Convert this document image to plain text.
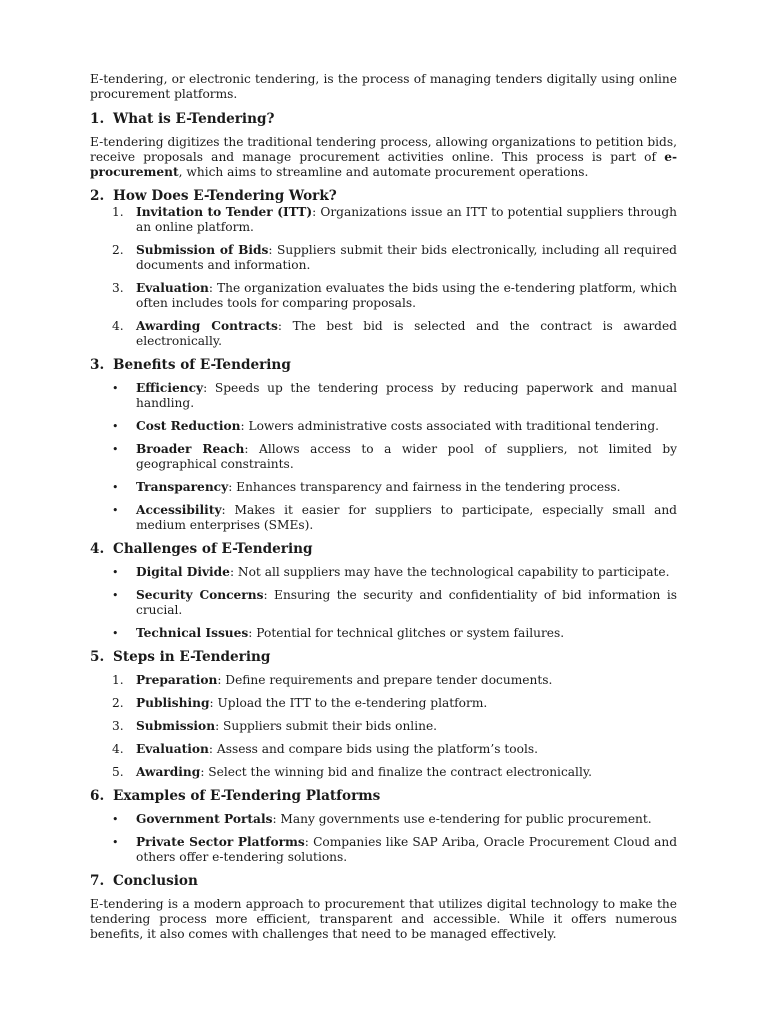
E-tendering, or electronic tendering, is the process of managing tenders digitally using online procurement platforms.

1. What is E-Tendering?

E-tendering digitizes the traditional tendering process, allowing organizations to petition bids, receive proposals and manage procurement activities online. This process is part of e-procurement, which aims to streamline and automate procurement operations.

2. How Does E-Tendering Work?
1. Invitation to Tender (ITT): Organizations issue an ITT to potential suppliers through an online platform.
2. Submission of Bids: Suppliers submit their bids electronically, including all required documents and information.
3. Evaluation: The organization evaluates the bids using the e-tendering platform, which often includes tools for comparing proposals.
4. Awarding Contracts: The best bid is selected and the contract is awarded electronically.
3. Benefits of E-Tendering
• Efficiency: Speeds up the tendering process by reducing paperwork and manual handling.
• Cost Reduction: Lowers administrative costs associated with traditional tendering.
• Broader Reach: Allows access to a wider pool of suppliers, not limited by geographical constraints.
• Transparency: Enhances transparency and fairness in the tendering process.
• Accessibility: Makes it easier for suppliers to participate, especially small and medium enterprises (SMEs).
4. Challenges of E-Tendering
• Digital Divide: Not all suppliers may have the technological capability to participate.
• Security Concerns: Ensuring the security and confidentiality of bid information is crucial.
• Technical Issues: Potential for technical glitches or system failures.
5. Steps in E-Tendering
1. Preparation: Define requirements and prepare tender documents.
2. Publishing: Upload the ITT to the e-tendering platform.
3. Submission: Suppliers submit their bids online.
4. Evaluation: Assess and compare bids using the platform’s tools.
5. Awarding: Select the winning bid and finalize the contract electronically.
6. Examples of E-Tendering Platforms
• Government Portals: Many governments use e-tendering for public procurement.
• Private Sector Platforms: Companies like SAP Ariba, Oracle Procurement Cloud and others offer e-tendering solutions.
7. Conclusion

E-tendering is a modern approach to procurement that utilizes digital technology to make the tendering process more efficient, transparent and accessible. While it offers numerous benefits, it also comes with challenges that need to be managed effectively.
